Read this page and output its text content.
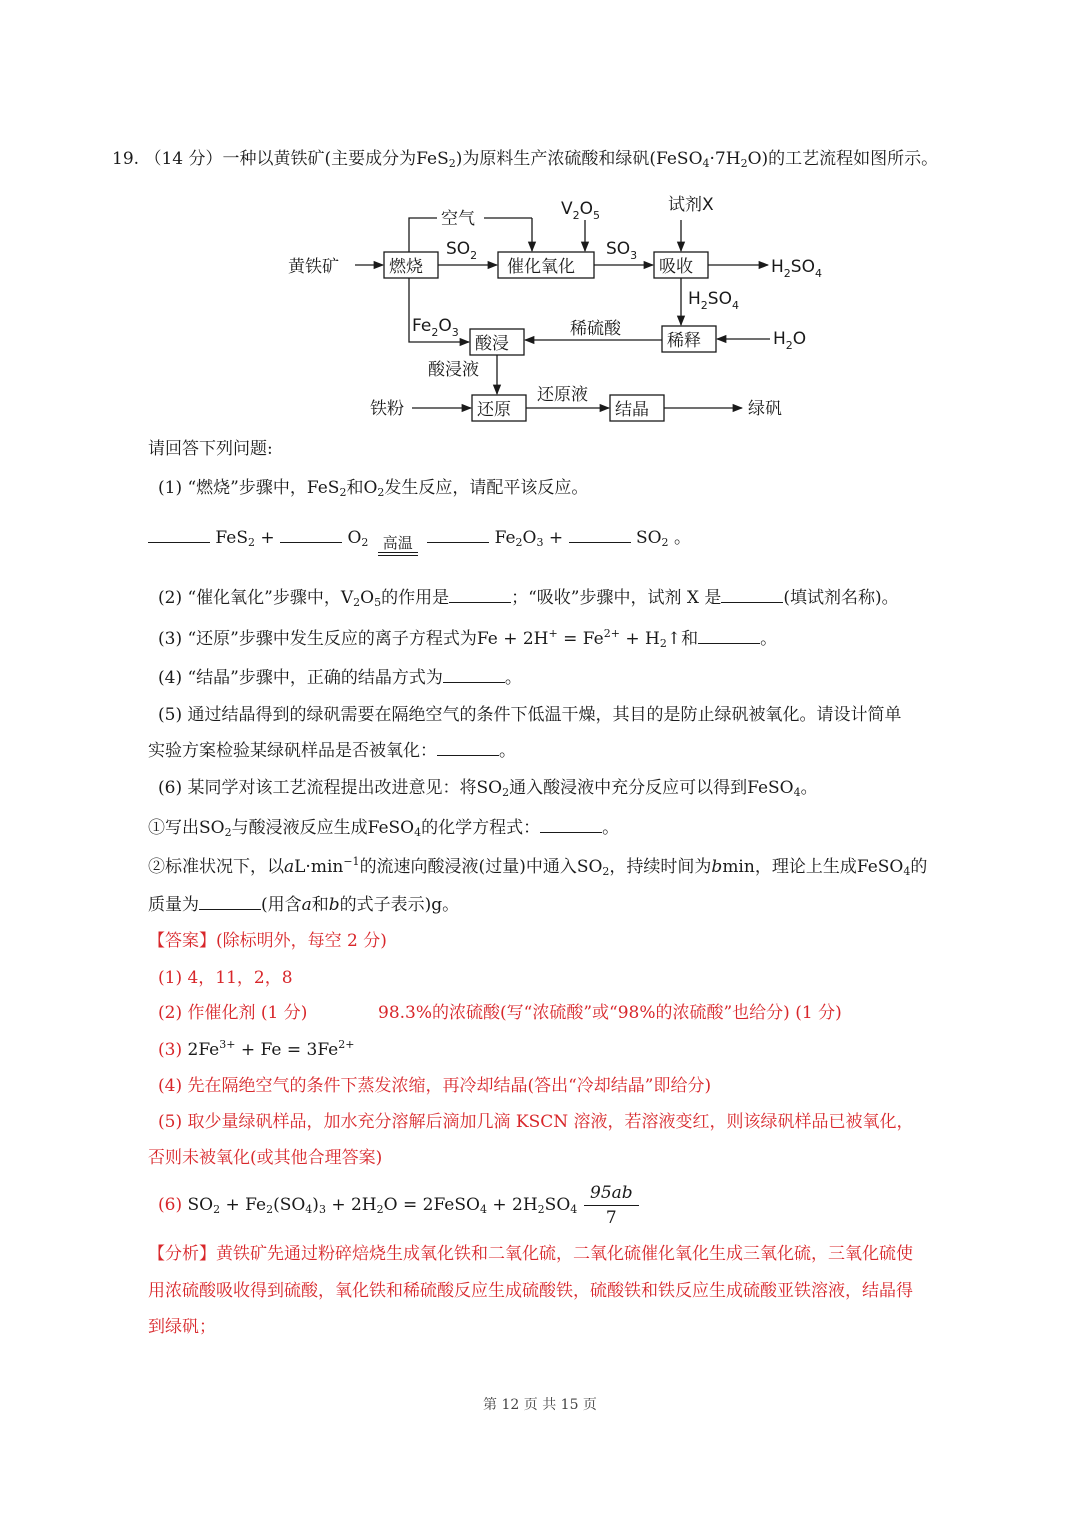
19. （14 分）一种以黄铁矿(主要成分为FeS$_2$)为原料生产浓硫酸和绿矾$(FeSO_4\cdot 7H_2O)$的工艺流程如图所示。
燃烧	催化氧化	吸收
稀释
酸浸
还原	结晶
黄铁矿
空气
$SO_2$
$V_2O_5$
$SO_3$
试剂X
$H_2SO_4$
$H_2SO_4$
$H_2O$
$Fe_2O_3$	稀硫酸
酸浸液
铁粉
还原液
绿矾
请回答下列问题:
(1) “燃烧”步骤中，FeS$_2$和$O_2$发生反应，请配平该反应。
FeS$_2$ +	$O_2$ 高温	$Fe_2O_3$ +	$SO_2$ 。
(2) “催化氧化”步骤中，$V_2O_5$的作用是	；“吸收”步骤中，试剂 X 是	(填试剂名称)。
(3) “还原”步骤中发生反应的离子方程式为$Fe + 2H^+ = Fe^{2+}$ + $H_2↑$和	。
(4) “结晶”步骤中，正确的结晶方式为	。
(5) 通过结晶得到的绿矾需要在隔绝空气的条件下低温干燥，其目的是防止绿矾被氧化。请设计简单
实验方案检验某绿矾样品是否被氧化：	。
(6) 某同学对该工艺流程提出改进意见：将$SO_2$通入酸浸液中充分反应可以得到FeSO$_4$。
①写出$SO_2$与酸浸液反应生成FeSO$_4$的化学方程式：	。
②标准状况下，以$aL\cdot\min^{-1}$的流速向酸浸液(过量)中通入$SO_2$，持续时间为bmin，理论上生成FeSO$_4$的
质量为	(用含a和b的式子表示)g。
【答案】(除标明外，每空 2 分)
(1) 4，11，2，8
(2) 作催化剂 (1 分)	98.3%的浓硫酸(写“浓硫酸”或“98%的浓硫酸”也给分) (1 分)
(3) $2Fe^{3+} + Fe = 3Fe^{2+}$
(4) 先在隔绝空气的条件下蒸发浓缩，再冷却结晶(答出“冷却结晶”即给分)
(5) 取少量绿矾样品，加水充分溶解后滴加几滴 KSCN 溶液，若溶液变红，则该绿矾样品已被氧化，
否则未被氧化(或其他合理答案)
(6) $SO_2 + Fe_2(SO_4)_3 + 2H_2O$ = 2FeSO$_4$ + $2H_2SO_4 \frac{95ab}{7}$
【分析】黄铁矿先通过粉碎焙烧生成氧化铁和二氧化硫，二氧化硫催化氧化生成三氧化硫，三氧化硫使
用浓硫酸吸收得到硫酸，氧化铁和稀硫酸反应生成硫酸铁，硫酸铁和铁反应生成硫酸亚铁溶液，结晶得
到绿矾；
第 12 页 共 15 页
